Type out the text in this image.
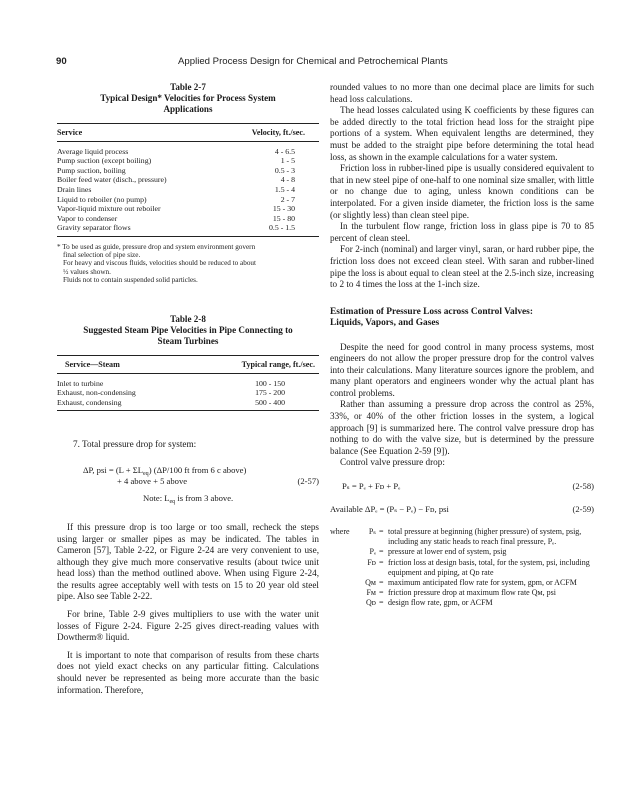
90	Applied Process Design for Chemical and Petrochemical Plants
Table 2-7
Typical Design* Velocities for Process System
Applications
Service	Velocity, ft./sec.
Average liquid process	4 - 6.5
Pump suction (except boiling)	1 - 5
Pump suction, boiling	0.5 - 3
Boiler feed water (disch., pressure)	4 - 8
Drain lines	1.5 - 4
Liquid to reboiler (no pump)	2 - 7
Vapor-liquid mixture out reboiler	15 - 30
Vapor to condenser	15 - 80
Gravity separator flows	0.5 - 1.5
* To be used as guide, pressure drop and system environment govern
final selection of pipe size.
For heavy and viscous fluids, velocities should be reduced to about
½ values shown.
Fluids not to contain suspended solid particles.
Table 2-8
Suggested Steam Pipe Velocities in Pipe Connecting to
Steam Turbines
Service—Steam	Typical range, ft./sec.
Inlet to turbine	100 - 150
Exhaust, non-condensing	175 - 200
Exhaust, condensing	500 - 400
7. Total pressure drop for system:
ΔP, psi = $(L + \Sigma L_{eq})$ (ΔP/100 ft from 6 c above)
+ 4 above + 5 above	(2-57)
Note: $L_{eq}$ is from 3 above.

If this pressure drop is too large or too small, recheck the steps using larger or smaller pipes as may be indicated. The tables in Cameron [57], Table 2-22, or Figure 2-24 are very convenient to use, although they give much more conservative results (about twice unit head loss) than the method outlined above. When using Figure 2-24, the results agree acceptably well with tests on 15 to 20 year old steel pipe. Also see Table 2-22.

For brine, Table 2-9 gives multipliers to use with the water unit losses of Figure 2-24. Figure 2-25 gives direct-reading values with Dowtherm® liquid.

It is important to note that comparison of results from these charts does not yield exact checks on any particular fitting. Calculations should never be represented as being more accurate than the basic information. Therefore,

rounded values to no more than one decimal place are limits for such head loss calculations.

The head losses calculated using K coefficients by these figures can be added directly to the total friction head loss for the straight pipe portions of a system. When equivalent lengths are determined, they must be added to the straight pipe before determining the total head loss, as shown in the example calculations for a water system.

Friction loss in rubber-lined pipe is usually considered equivalent to that in new steel pipe of one-half to one nominal size smaller, with little or no change due to aging, unless known conditions can be interpolated. For a given inside diameter, the friction loss is the same (or slightly less) than clean steel pipe.

In the turbulent flow range, friction loss in glass pipe is 70 to 85 percent of clean steel.

For 2-inch (nominal) and larger vinyl, saran, or hard rubber pipe, the friction loss does not exceed clean steel. With saran and rubber-lined pipe the loss is about equal to clean steel at the 2.5-inch size, increasing to 2 to 4 times the loss at the 1-inch size.

Estimation of Pressure Loss across Control Valves:
Liquids, Vapors, and Gases

Despite the need for good control in many process systems, most engineers do not allow the proper pressure drop for the control valves into their calculations. Many literature sources ignore the problem, and many plant operators and engineers wonder why the actual plant has control problems.

Rather than assuming a pressure drop across the control as 25%, 33%, or 40% of the other friction losses in the system, a logical approach [9] is summarized here. The control valve pressure drop has nothing to do with the valve size, but is determined by the pressure balance (See Equation 2-59 [9]).

Control valve pressure drop:

Pₛ = Pₑ + Fᴅ + Pₑ	(2-58)
Available ΔPₑ = (Pₛ − Pₑ) − Fᴅ, psi	(2-59)
where	Pₛ = total pressure at beginning (higher pressure) of system, psig, including any static heads to reach final pressure, Pₑ.
Pₑ = pressure at lower end of system, psig
Fᴅ = friction loss at design basis, total, for the system, psi, including equipment and piping, at Qᴅ rate
Qᴍ = maximum anticipated flow rate for system, gpm, or ACFM
Fᴍ = friction pressure drop at maximum flow rate Qᴍ, psi
Qᴅ = design flow rate, gpm, or ACFM
